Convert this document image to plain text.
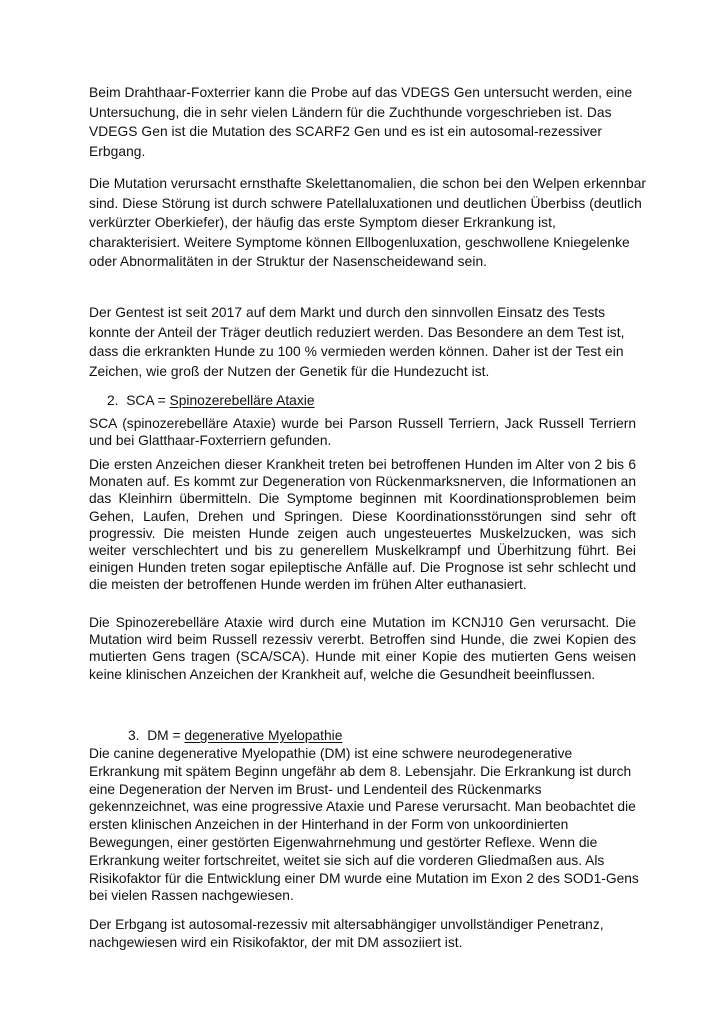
Beim Drahthaar-Foxterrier kann die Probe auf das VDEGS Gen untersucht werden, eine Untersuchung, die in sehr vielen Ländern für die Zuchthunde vorgeschrieben ist. Das VDEGS Gen ist die Mutation des SCARF2 Gen und es ist ein autosomal-rezessiver Erbgang.

Die Mutation verursacht ernsthafte Skelettanomalien, die schon bei den Welpen erkennbar sind. Diese Störung ist durch schwere Patellaluxationen und deutlichen Überbiss (deutlich verkürzter Oberkiefer), der häufig das erste Symptom dieser Erkrankung ist, charakterisiert. Weitere Symptome können Ellbogenluxation, geschwollene Kniegelenke oder Abnormalitäten in der Struktur der Nasenscheidewand sein.

Der Gentest ist seit 2017 auf dem Markt und durch den sinnvollen Einsatz des Tests konnte der Anteil der Träger deutlich reduziert werden. Das Besondere an dem Test ist, dass die erkrankten Hunde zu 100 % vermieden werden können. Daher ist der Test ein Zeichen, wie groß der Nutzen der Genetik für die Hundezucht ist.

2. SCA = Spinozerebelläre Ataxie

SCA (spinozerebelläre Ataxie) wurde bei Parson Russell Terriern, Jack Russell Terriern und bei Glatthaar-Foxterriern gefunden.

Die ersten Anzeichen dieser Krankheit treten bei betroffenen Hunden im Alter von 2 bis 6 Monaten auf. Es kommt zur Degeneration von Rückenmarksnerven, die Informationen an das Kleinhirn übermitteln. Die Symptome beginnen mit Koordinationsproblemen beim Gehen, Laufen, Drehen und Springen. Diese Koordinationsstörungen sind sehr oft progressiv. Die meisten Hunde zeigen auch ungesteuertes Muskelzucken, was sich weiter verschlechtert und bis zu generellem Muskelkrampf und Überhitzung führt. Bei einigen Hunden treten sogar epileptische Anfälle auf. Die Prognose ist sehr schlecht und die meisten der betroffenen Hunde werden im frühen Alter euthanasiert.

Die Spinozerebelläre Ataxie wird durch eine Mutation im KCNJ10 Gen verursacht. Die Mutation wird beim Russell rezessiv vererbt. Betroffen sind Hunde, die zwei Kopien des mutierten Gens tragen (SCA/SCA). Hunde mit einer Kopie des mutierten Gens weisen keine klinischen Anzeichen der Krankheit auf, welche die Gesundheit beeinflussen.

3. DM = degenerative Myelopathie

Die canine degenerative Myelopathie (DM) ist eine schwere neurodegenerative Erkrankung mit spätem Beginn ungefähr ab dem 8. Lebensjahr. Die Erkrankung ist durch eine Degeneration der Nerven im Brust- und Lendenteil des Rückenmarks gekennzeichnet, was eine progressive Ataxie und Parese verursacht. Man beobachtet die ersten klinischen Anzeichen in der Hinterhand in der Form von unkoordinierten Bewegungen, einer gestörten Eigenwahrnehmung und gestörter Reflexe. Wenn die Erkrankung weiter fortschreitet, weitet sie sich auf die vorderen Gliedmaßen aus. Als Risikofaktor für die Entwicklung einer DM wurde eine Mutation im Exon 2 des SOD1-Gens bei vielen Rassen nachgewiesen.

Der Erbgang ist autosomal-rezessiv mit altersabhängiger unvollständiger Penetranz, nachgewiesen wird ein Risikofaktor, der mit DM assoziiert ist.
